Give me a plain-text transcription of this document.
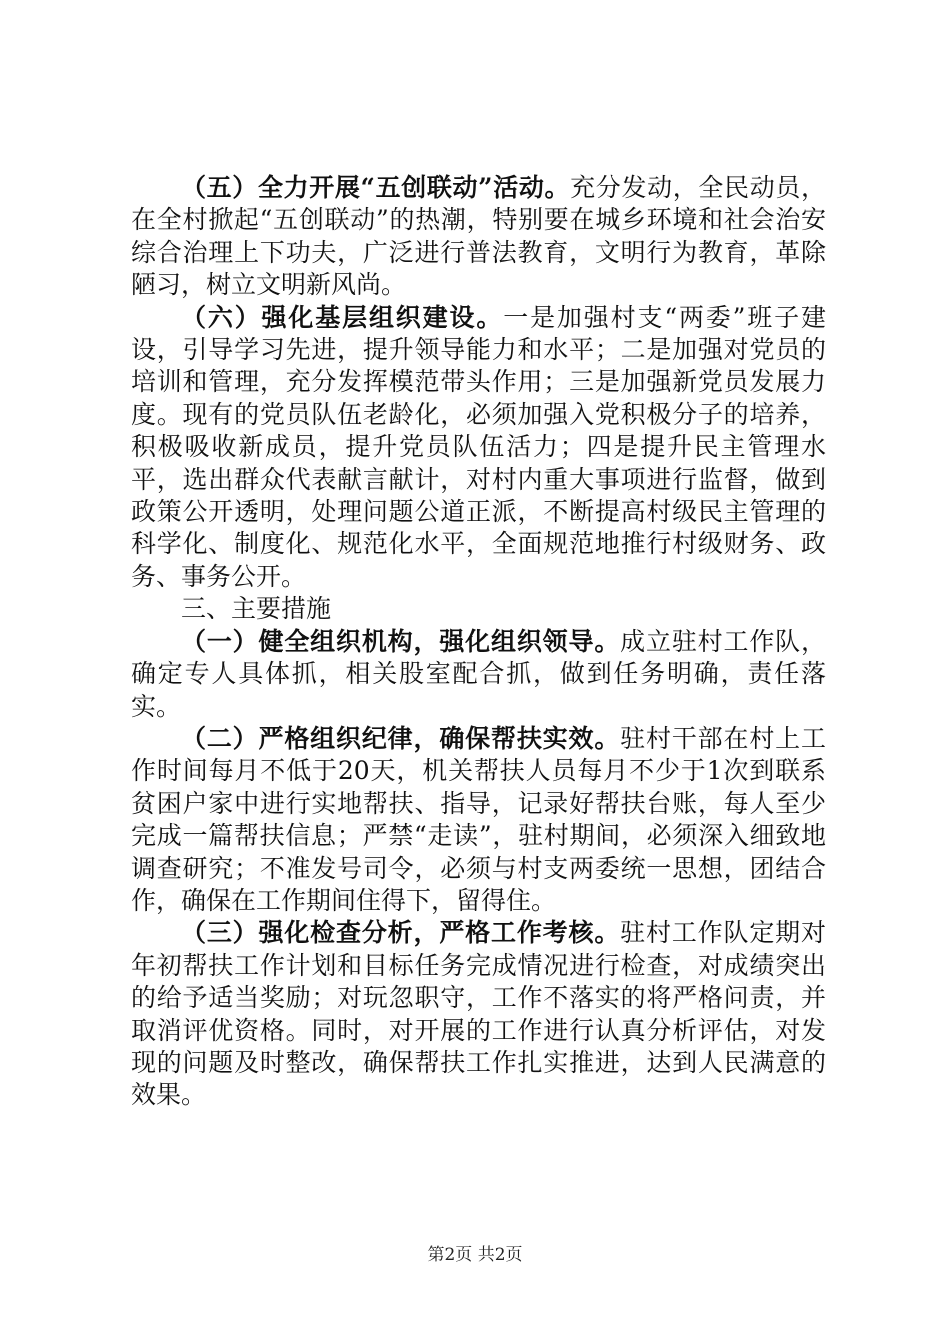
（五）全力开展“五创联动”活动。充分发动，全民动员，在全村掀起“五创联动”的热潮，特别要在城乡环境和社会治安综合治理上下功夫，广泛进行普法教育，文明行为教育，革除陋习，树立文明新风尚。

（六）强化基层组织建设。一是加强村支“两委”班子建设，引导学习先进，提升领导能力和水平；二是加强对党员的培训和管理，充分发挥模范带头作用；三是加强新党员发展力度。现有的党员队伍老龄化，必须加强入党积极分子的培养，积极吸收新成员，提升党员队伍活力；四是提升民主管理水平，选出群众代表献言献计，对村内重大事项进行监督，做到政策公开透明，处理问题公道正派，不断提高村级民主管理的科学化、制度化、规范化水平，全面规范地推行村级财务、政务、事务公开。

三、主要措施

（一）健全组织机构，强化组织领导。成立驻村工作队，确定专人具体抓，相关股室配合抓，做到任务明确，责任落实。

（二）严格组织纪律，确保帮扶实效。驻村干部在村上工作时间每月不低于20天，机关帮扶人员每月不少于1次到联系贫困户家中进行实地帮扶、指导，记录好帮扶台账，每人至少完成一篇帮扶信息；严禁“走读”，驻村期间，必须深入细致地调查研究；不准发号司令，必须与村支两委统一思想，团结合作，确保在工作期间住得下，留得住。

（三）强化检查分析，严格工作考核。驻村工作队定期对年初帮扶工作计划和目标任务完成情况进行检查，对成绩突出的给予适当奖励；对玩忽职守，工作不落实的将严格问责，并取消评优资格。同时，对开展的工作进行认真分析评估，对发现的问题及时整改，确保帮扶工作扎实推进，达到人民满意的效果。

第2页 共2页
